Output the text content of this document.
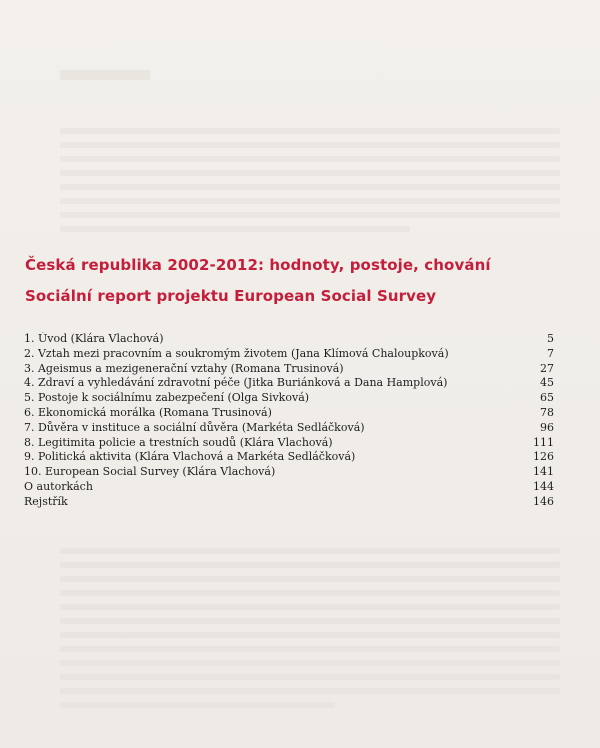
Česká republika 2002-2012: hodnoty, postoje, chování
Sociální report projektu European Social Survey
1. Úvod (Klára Vlachová)	5
2. Vztah mezi pracovním a soukromým životem (Jana Klímová Chaloupková)	7
3. Ageismus a mezigenerační vztahy (Romana Trusinová)	27
4. Zdraví a vyhledávání zdravotní péče (Jitka Buriánková a Dana Hamplová)	45
5. Postoje k sociálnímu zabezpečení (Olga Sivková)	65
6. Ekonomická morálka (Romana Trusinová)	78
7. Důvěra v instituce a sociální důvěra (Markéta Sedláčková)	96
8. Legitimita policie a trestních soudů (Klára Vlachová)	111
9. Politická aktivita (Klára Vlachová a Markéta Sedláčková)	126
10. European Social Survey (Klára Vlachová)	141
O autorkách	144
Rejstřík	146
